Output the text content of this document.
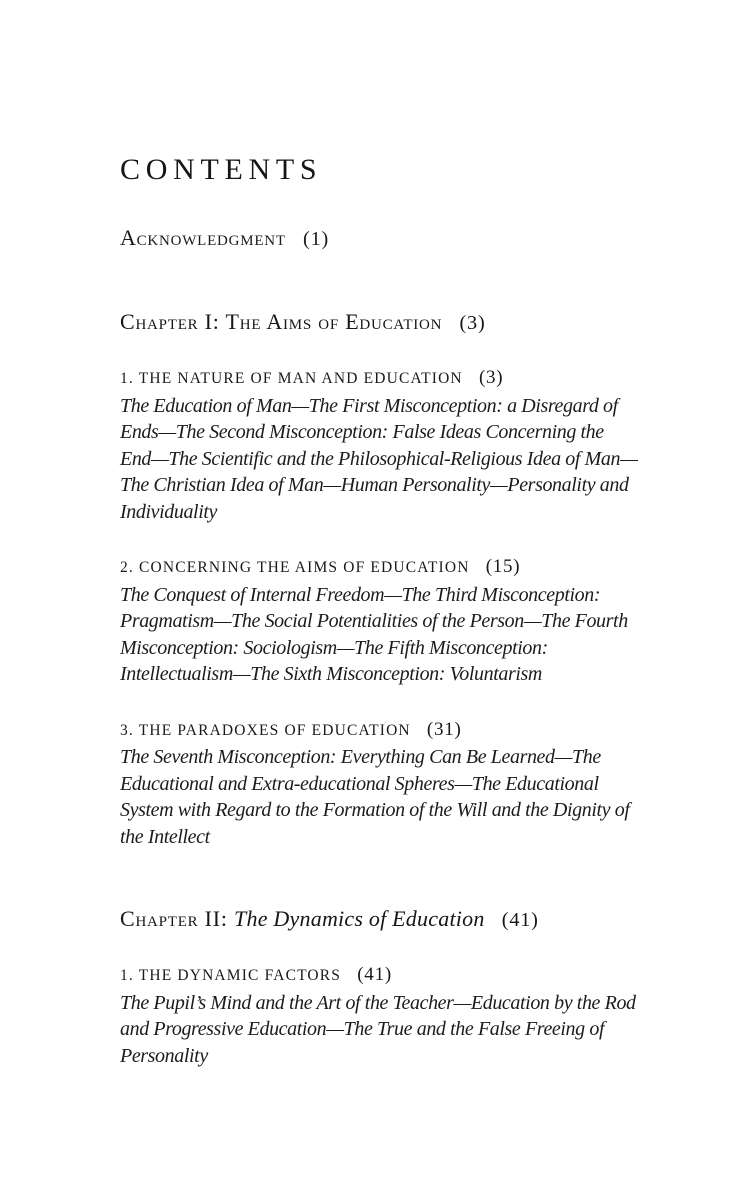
CONTENTS
Acknowledgment (1)
Chapter I: The Aims of Education (3)
1. THE NATURE OF MAN AND EDUCATION (3)

The Education of Man—The First Misconception: a Disregard of Ends—The Second Misconception: False Ideas Concerning the End—The Scientific and the Philosophical-Religious Idea of Man—The Christian Idea of Man—Human Personality—Personality and Individuality

2. CONCERNING THE AIMS OF EDUCATION (15)

The Conquest of Internal Freedom—The Third Misconception: Pragmatism—The Social Potentialities of the Person—The Fourth Misconception: Sociologism—The Fifth Misconception: Intellectualism—The Sixth Misconception: Voluntarism

3. THE PARADOXES OF EDUCATION (31)

The Seventh Misconception: Everything Can Be Learned—The Educational and Extra-educational Spheres—The Educational System with Regard to the Formation of the Will and the Dignity of the Intellect

Chapter II: The Dynamics of Education (41)
1. THE DYNAMIC FACTORS (41)

The Pupil’s Mind and the Art of the Teacher—Education by the Rod and Progressive Education—The True and the False Freeing of Personality
